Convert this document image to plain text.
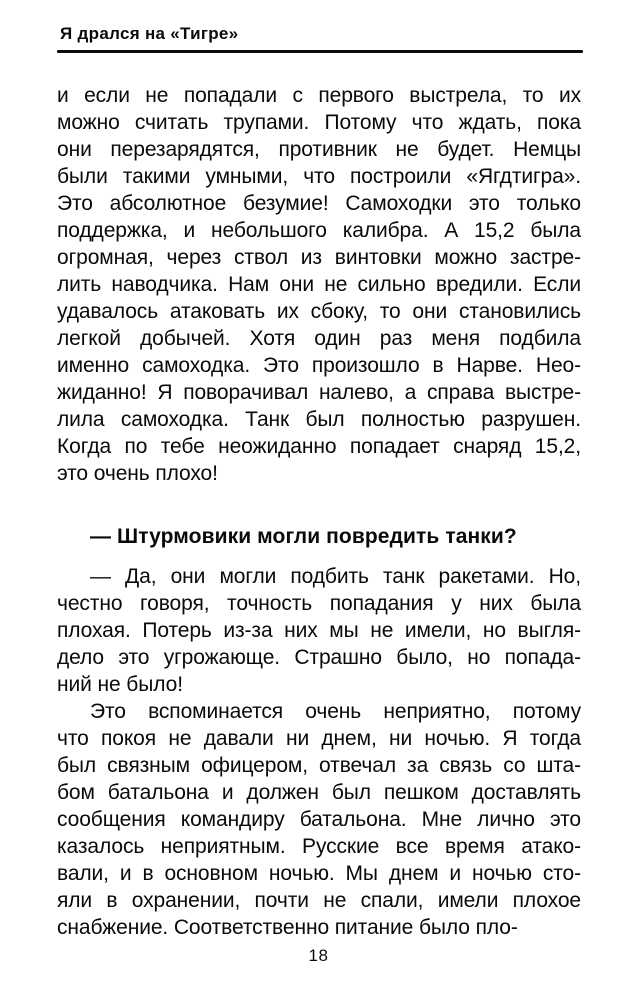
Я дрался на «Тигре»
и если не попадали с первого выстрела, то их
можно считать трупами. Потому что ждать, пока
они перезарядятся, противник не будет. Немцы
были такими умными, что построили «Ягдтигра».
Это абсолютное безумие! Самоходки это только
поддержка, и небольшого калибра. А 15,2 была
огромная, через ствол из винтовки можно застре-
лить наводчика. Нам они не сильно вредили. Если
удавалось атаковать их сбоку, то они становились
легкой добычей. Хотя один раз меня подбила
именно самоходка. Это произошло в Нарве. Нео-
жиданно! Я поворачивал налево, а справа выстре-
лила самоходка. Танк был полностью разрушен.
Когда по тебе неожиданно попадает снаряд 15,2,
это очень плохо!
— Штурмовики могли повредить танки?
— Да, они могли подбить танк ракетами. Но,
честно говоря, точность попадания у них была
плохая. Потерь из-за них мы не имели, но выгля-
дело это угрожающе. Страшно было, но попада-
ний не было!
Это вспоминается очень неприятно, потому
что покоя не давали ни днем, ни ночью. Я тогда
был связным офицером, отвечал за связь со шта-
бом батальона и должен был пешком доставлять
сообщения командиру батальона. Мне лично это
казалось неприятным. Русские все время атако-
вали, и в основном ночью. Мы днем и ночью сто-
яли в охранении, почти не спали, имели плохое
снабжение. Соответственно питание было пло-
18
